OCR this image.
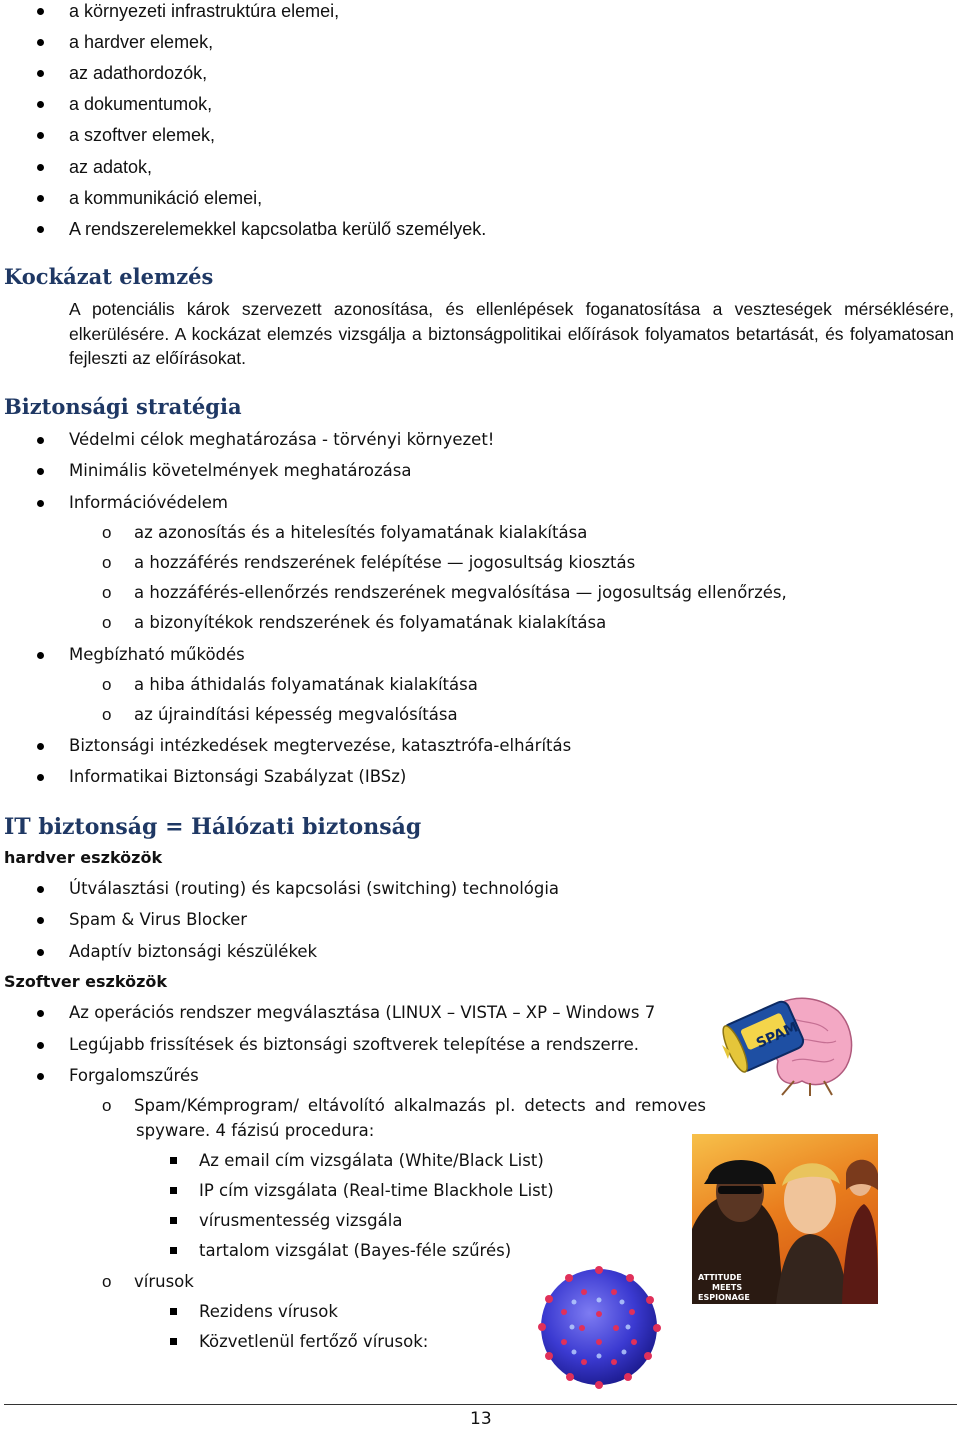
a környezeti infrastruktúra elemei,
a hardver elemek,
az adathordozók,
a dokumentumok,
a szoftver elemek,
az adatok,
a kommunikáció elemei,
A rendszerelemekkel kapcsolatba kerülő személyek.
Kockázat elemzés
A potenciális károk szervezett azonosítása, és ellenlépések foganatosítása a veszteségek mérséklésére, elkerülésére. A kockázat elemzés vizsgálja a biztonságpolitikai előírások folyamatos betartását, és folyamatosan fejleszti az előírásokat.
Biztonsági stratégia
Védelmi célok meghatározása - törvényi környezet!
Minimális követelmények meghatározása
Információvédelem
o az azonosítás és a hitelesítés folyamatának kialakítása
o a hozzáférés rendszerének felépítése — jogosultság kiosztás
o a hozzáférés-ellenőrzés rendszerének megvalósítása — jogosultság ellenőrzés,
o a bizonyítékok rendszerének és folyamatának kialakítása
Megbízható működés
o a hiba áthidalás folyamatának kialakítása
o az újraindítási képesség megvalósítása
Biztonsági intézkedések megtervezése, katasztrófa-elhárítás
Informatikai Biztonsági Szabályzat (IBSz)
IT biztonság = Hálózati biztonság
hardver eszközök
Útválasztási (routing) és kapcsolási (switching) technológia
Spam & Virus Blocker
Adaptív biztonsági készülékek
Szoftver eszközök
Az operációs rendszer megválasztása (LINUX – VISTA – XP – Windows 7
Legújabb frissítések és biztonsági szoftverek telepítése a rendszerre.
Forgalomszűrés
o Spam/Kémprogram/ eltávolító alkalmazás pl. detects and removes
spyware. 4 fázisú procedura:
Az email cím vizsgálata (White/Black List)
IP cím vizsgálata (Real-time Blackhole List)
vírusmentesség vizsgála
tartalom vizsgálat (Bayes-féle szűrés)
o vírusok
Rezidens vírusok
Közvetlenül fertőző vírusok:
SPAM
ATTITUDE
MEETS
ESPIONAGE
13
